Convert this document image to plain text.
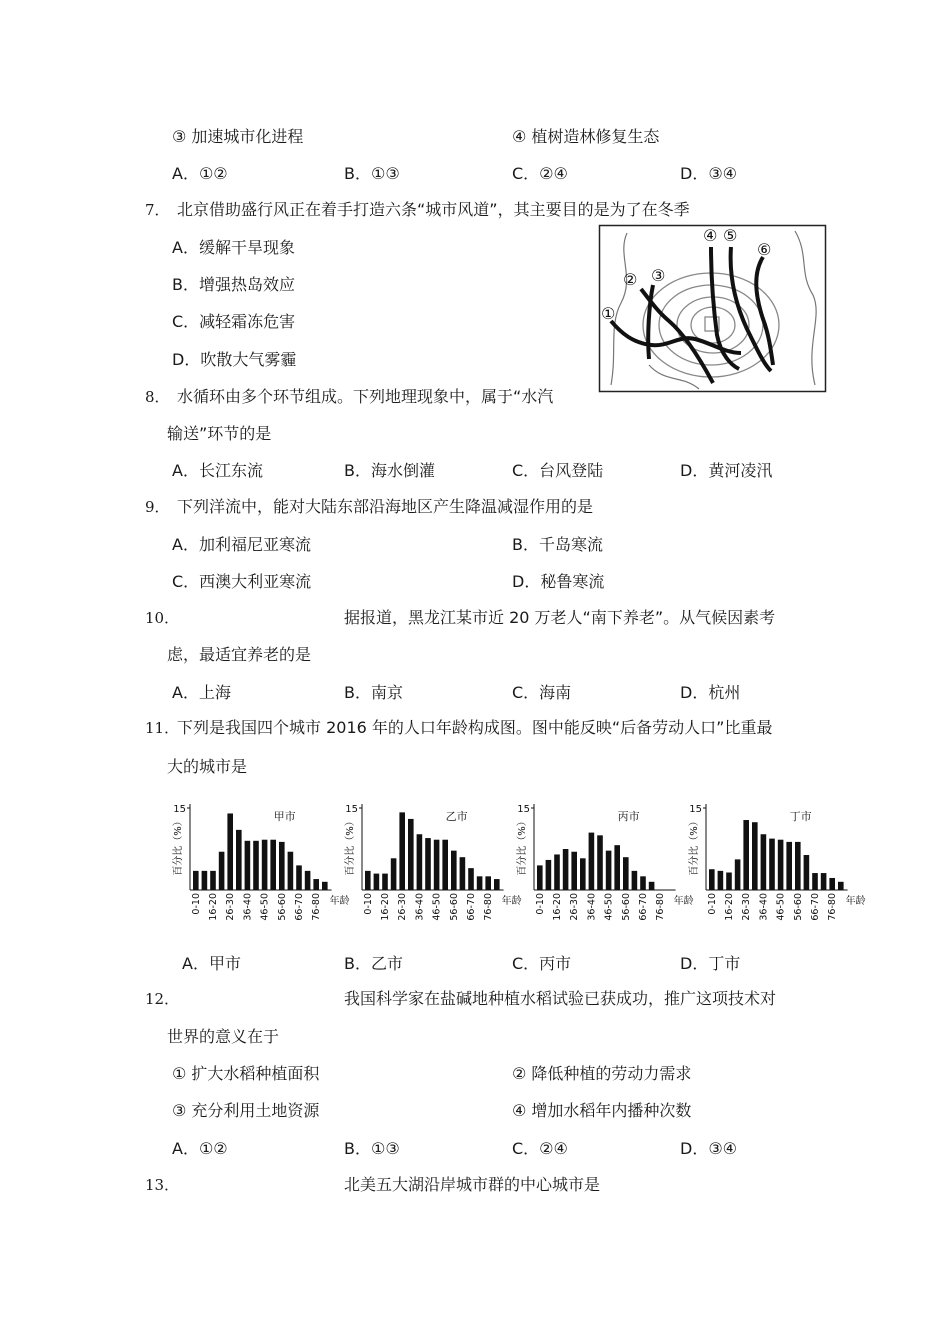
③ 加速城市化进程	④ 植树造林修复生态
A．①②	B．①③	C．②④	D．③④
7． 北京借助盛行风正在着手打造六条“城市风道”，其主要目的是为了在冬季
A．缓解干旱现象
B．增强热岛效应
C．减轻霜冻危害
D．吹散大气雾霾
①
② ③
④ ⑤
⑥
8． 水循环由多个环节组成。下列地理现象中，属于“水汽
输送”环节的是
A．长江东流	B．海水倒灌	C．台风登陆	D．黄河凌汛
9． 下列洋流中，能对大陆东部沿海地区产生降温减湿作用的是
A．加利福尼亚寒流	B．千岛寒流
C．西澳大利亚寒流	D．秘鲁寒流
10．	据报道，黑龙江某市近 20 万老人“南下养老”。从气候因素考
虑，最适宜养老的是
A．上海	B．南京	C．海南	D．杭州
11．
下列是我国四个城市 2016 年的人口年龄构成图。图中能反映“后备劳动人口”比重最
大的城市是
百分比（%）
15
甲市
0-10 16-20 26-30 36-40 46-50 56-60 66-70 76-80 年龄
百分比（%）
15
乙市
0-10 16-20 26-30 36-40 46-50 56-60 66-70 76-80 年龄
百分比（%）
15
丙市
0-10 16-20 26-30 36-40 46-50 56-60 66-70 76-80 年龄
百分比（%）
15
丁市
0-10 16-20 26-30 36-40 46-50 56-60 66-70 76-80 年龄
A．甲市	B．乙市	C．丙市	D．丁市
12．	我国科学家在盐碱地种植水稻试验已获成功，推广这项技术对
世界的意义在于
① 扩大水稻种植面积	② 降低种植的劳动力需求
③ 充分利用土地资源	④ 增加水稻年内播种次数
A．①②	B．①③	C．②④	D．③④
13．	北美五大湖沿岸城市群的中心城市是
